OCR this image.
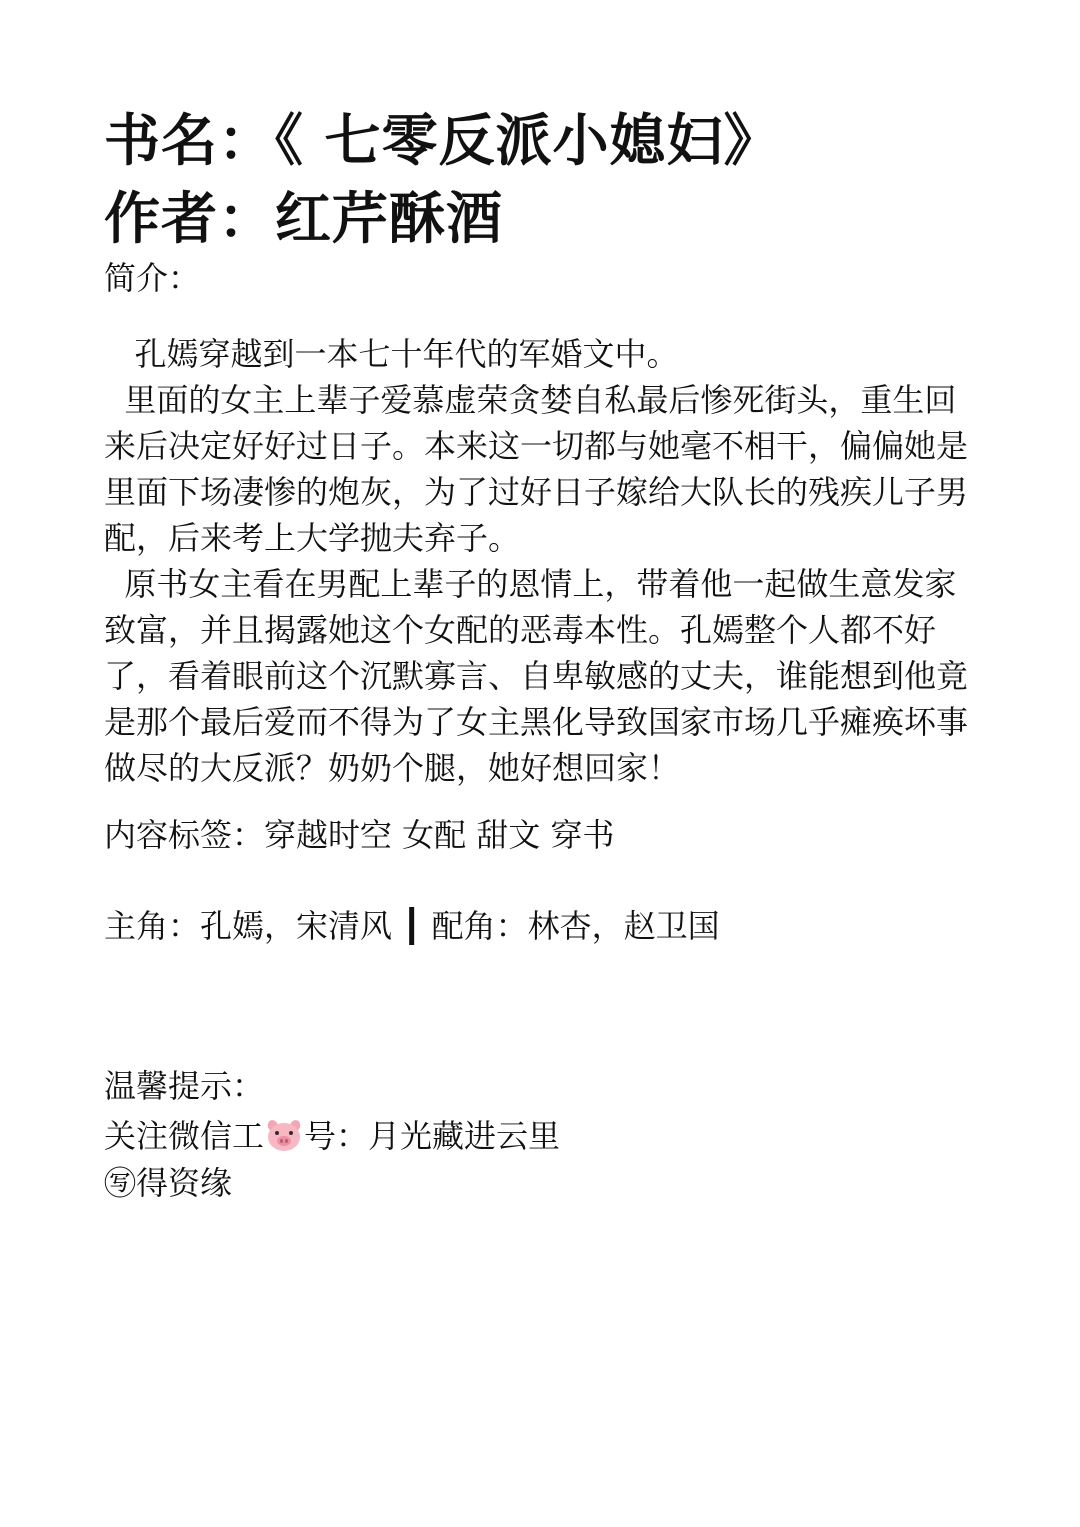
书名：《 七零反派小媳妇》
作者：红芹酥酒
简介：

孔嫣穿越到一本七十年代的军婚文中。

里面的女主上辈子爱慕虚荣贪婪自私最后惨死街头，重生回来后决定好好过日子。本来这一切都与她毫不相干，偏偏她是里面下场凄惨的炮灰，为了过好日子嫁给大队长的残疾儿子男配，后来考上大学抛夫弃子。

原书女主看在男配上辈子的恩情上，带着他一起做生意发家致富，并且揭露她这个女配的恶毒本性。孔嫣整个人都不好了，看着眼前这个沉默寡言、自卑敏感的丈夫，谁能想到他竟是那个最后爱而不得为了女主黑化导致国家市场几乎瘫痪坏事做尽的大反派？奶奶个腿，她好想回家！

内容标签：穿越时空 女配 甜文 穿书
主角：孔嫣，宋清风 ┃ 配角：林杏，赵卫国
温馨提示：
关注微信工 号：月光藏进云里
㊢得资缘
